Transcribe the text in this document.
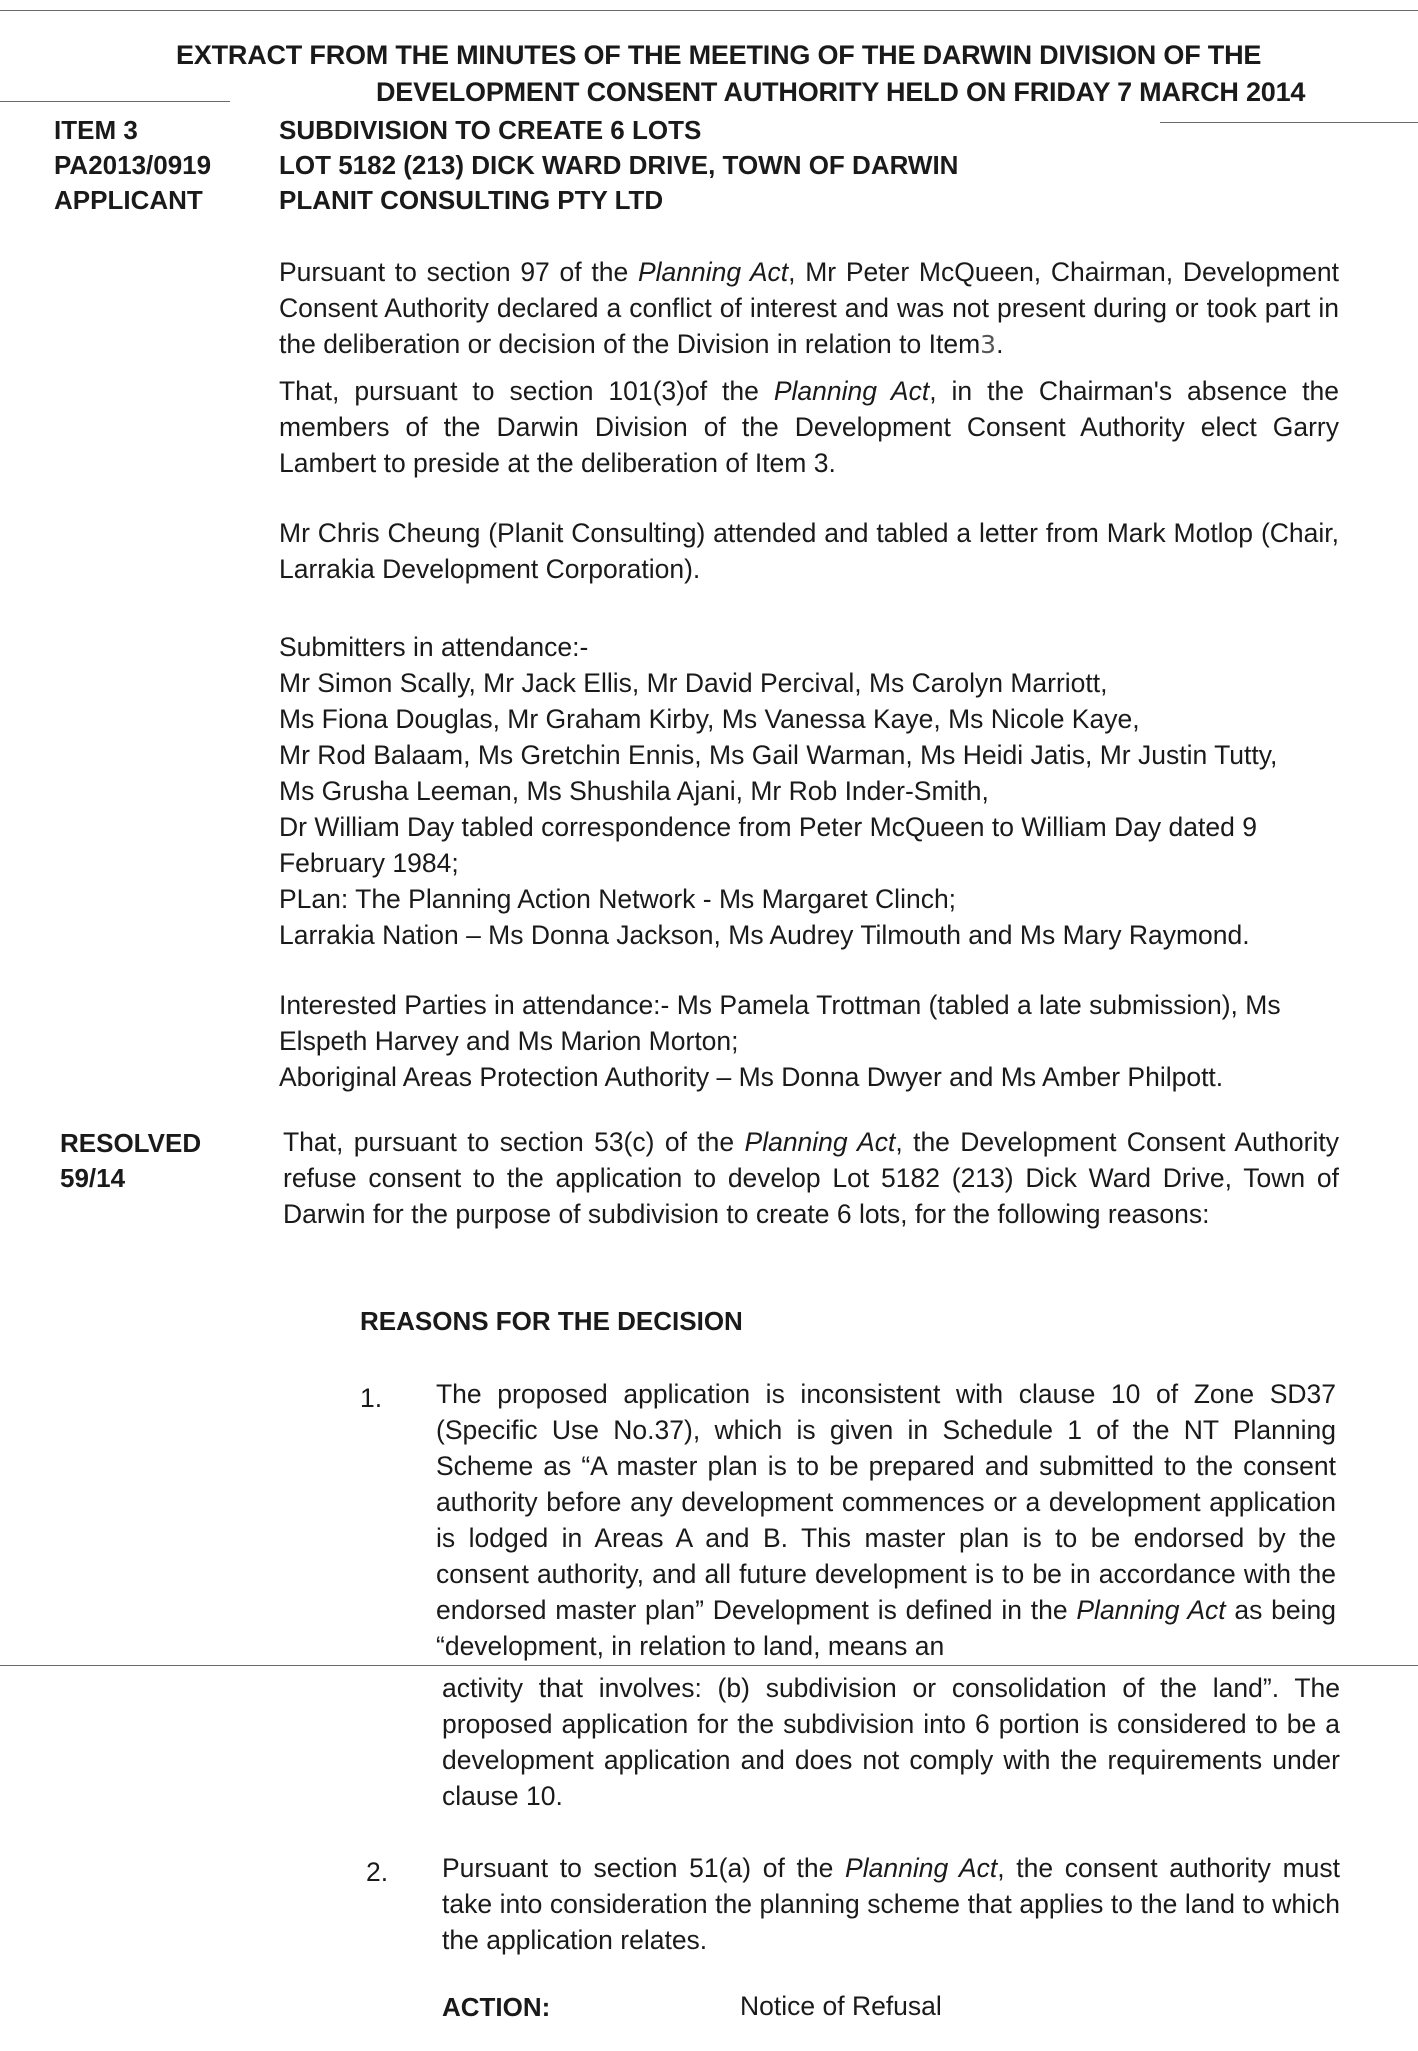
EXTRACT FROM THE MINUTES OF THE MEETING OF THE DARWIN DIVISION OF THE
DEVELOPMENT CONSENT AUTHORITY HELD ON FRIDAY 7 MARCH 2014
ITEM 3
PA2013/0919
APPLICANT
SUBDIVISION TO CREATE 6 LOTS
LOT 5182 (213) DICK WARD DRIVE, TOWN OF DARWIN
PLANIT CONSULTING PTY LTD

Pursuant to section 97 of the Planning Act, Mr Peter McQueen, Chairman, Development Consent Authority declared a conflict of interest and was not present during or took part in the deliberation or decision of the Division in relation to Item3.

That, pursuant to section 101(3)of the Planning Act, in the Chairman's absence the members of the Darwin Division of the Development Consent Authority elect Garry Lambert to preside at the deliberation of Item 3.

Mr Chris Cheung (Planit Consulting) attended and tabled a letter from Mark Motlop (Chair, Larrakia Development Corporation).

Submitters in attendance:-

Mr Simon Scally, Mr Jack Ellis, Mr David Percival, Ms Carolyn Marriott,

Ms Fiona Douglas, Mr Graham Kirby, Ms Vanessa Kaye, Ms Nicole Kaye,

Mr Rod Balaam, Ms Gretchin Ennis, Ms Gail Warman, Ms Heidi Jatis, Mr Justin Tutty,

Ms Grusha Leeman, Ms Shushila Ajani, Mr Rob Inder-Smith,

Dr William Day tabled correspondence from Peter McQueen to William Day dated 9 February 1984;

PLan: The Planning Action Network - Ms Margaret Clinch;

Larrakia Nation – Ms Donna Jackson, Ms Audrey Tilmouth and Ms Mary Raymond.

Interested Parties in attendance:- Ms Pamela Trottman (tabled a late submission), Ms Elspeth Harvey and Ms Marion Morton;

Aboriginal Areas Protection Authority – Ms Donna Dwyer and Ms Amber Philpott.

RESOLVED
59/14

That, pursuant to section 53(c) of the Planning Act, the Development Consent Authority refuse consent to the application to develop Lot 5182 (213) Dick Ward Drive, Town of Darwin for the purpose of subdivision to create 6 lots, for the following reasons:

REASONS FOR THE DECISION
1. The proposed application is inconsistent with clause 10 of Zone SD37 (Specific Use No.37), which is given in Schedule 1 of the NT Planning Scheme as “A master plan is to be prepared and submitted to the consent authority before any development commences or a development application is lodged in Areas A and B. This master plan is to be endorsed by the consent authority, and all future development is to be in accordance with the endorsed master plan” Development is defined in the Planning Act as being “development, in relation to land, means an

activity that involves: (b) subdivision or consolidation of the land”. The proposed application for the subdivision into 6 portion is considered to be a development application and does not comply with the requirements under clause 10.
2. Pursuant to section 51(a) of the Planning Act, the consent authority must take into consideration the planning scheme that applies to the land to which the application relates.

ACTION:	Notice of Refusal
